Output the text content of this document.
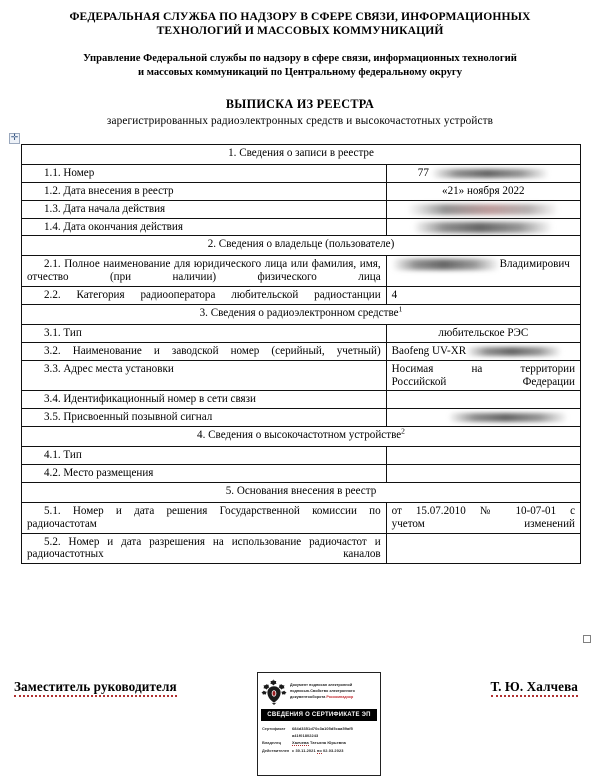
ФЕДЕРАЛЬНАЯ СЛУЖБА ПО НАДЗОРУ В СФЕРЕ СВЯЗИ, ИНФОРМАЦИОННЫХ
ТЕХНОЛОГИЙ И МАССОВЫХ КОММУНИКАЦИЙ
Управление Федеральной службы по надзору в сфере связи, информационных технологий
и массовых коммуникаций по Центральному федеральному округу
ВЫПИСКА ИЗ РЕЕСТРА
зарегистрированных радиоэлектронных средств и высокочастотных устройств
✛
1. Сведения о записи в реестре	
1.1. Номер	77
1.2. Дата внесения в реестр	«21» ноября 2022
1.3. Дата начала действия	
1.4. Дата окончания действия	
2. Сведения о владельце (пользователе)	
2.1. Полное наименование для юридического лица или фамилия, имя, отчество (при наличии) физического лица	Владимирович
2.2. Категория радиооператора любительской радиостанции	4
3. Сведения о радиоэлектронном средстве$^1$
3.1. Тип	любительское РЭС
3.2. Наименование и заводской номер (серийный, учетный)	Baofeng UV-XR
3.3. Адрес места установки	Носимая на территории
Российской Федерации

3.4. Идентификационный номер в сети связи	
3.5. Присвоенный позывной сигнал	
4. Сведения о высокочастотном устройстве$^2$
4.1. Тип	
4.2. Место размещения	
5. Основания внесения в реестр	
5.1. Номер и дата решения Государственной комиссии по радиочастотам	от 15.07.2010 № 10-07-01 с
учетом изменений

5.2. Номер и дата разрешения на использование радиочастот и радиочастотных каналов	
Заместитель руководителя	Т. Ю. Халчева
Документ подписан электронной
подписью.Свойство электронного
документооборота Роскомнадзор
СВЕДЕНИЯ О СЕРТИФИКАТЕ ЭП
Сертификат	684d3351d70c3a105d5caa59af5
a41f01802243
Владелец	Халчева Татьяна Юрьевна
Действителен с 30.11.2021 по 02.03.2023
